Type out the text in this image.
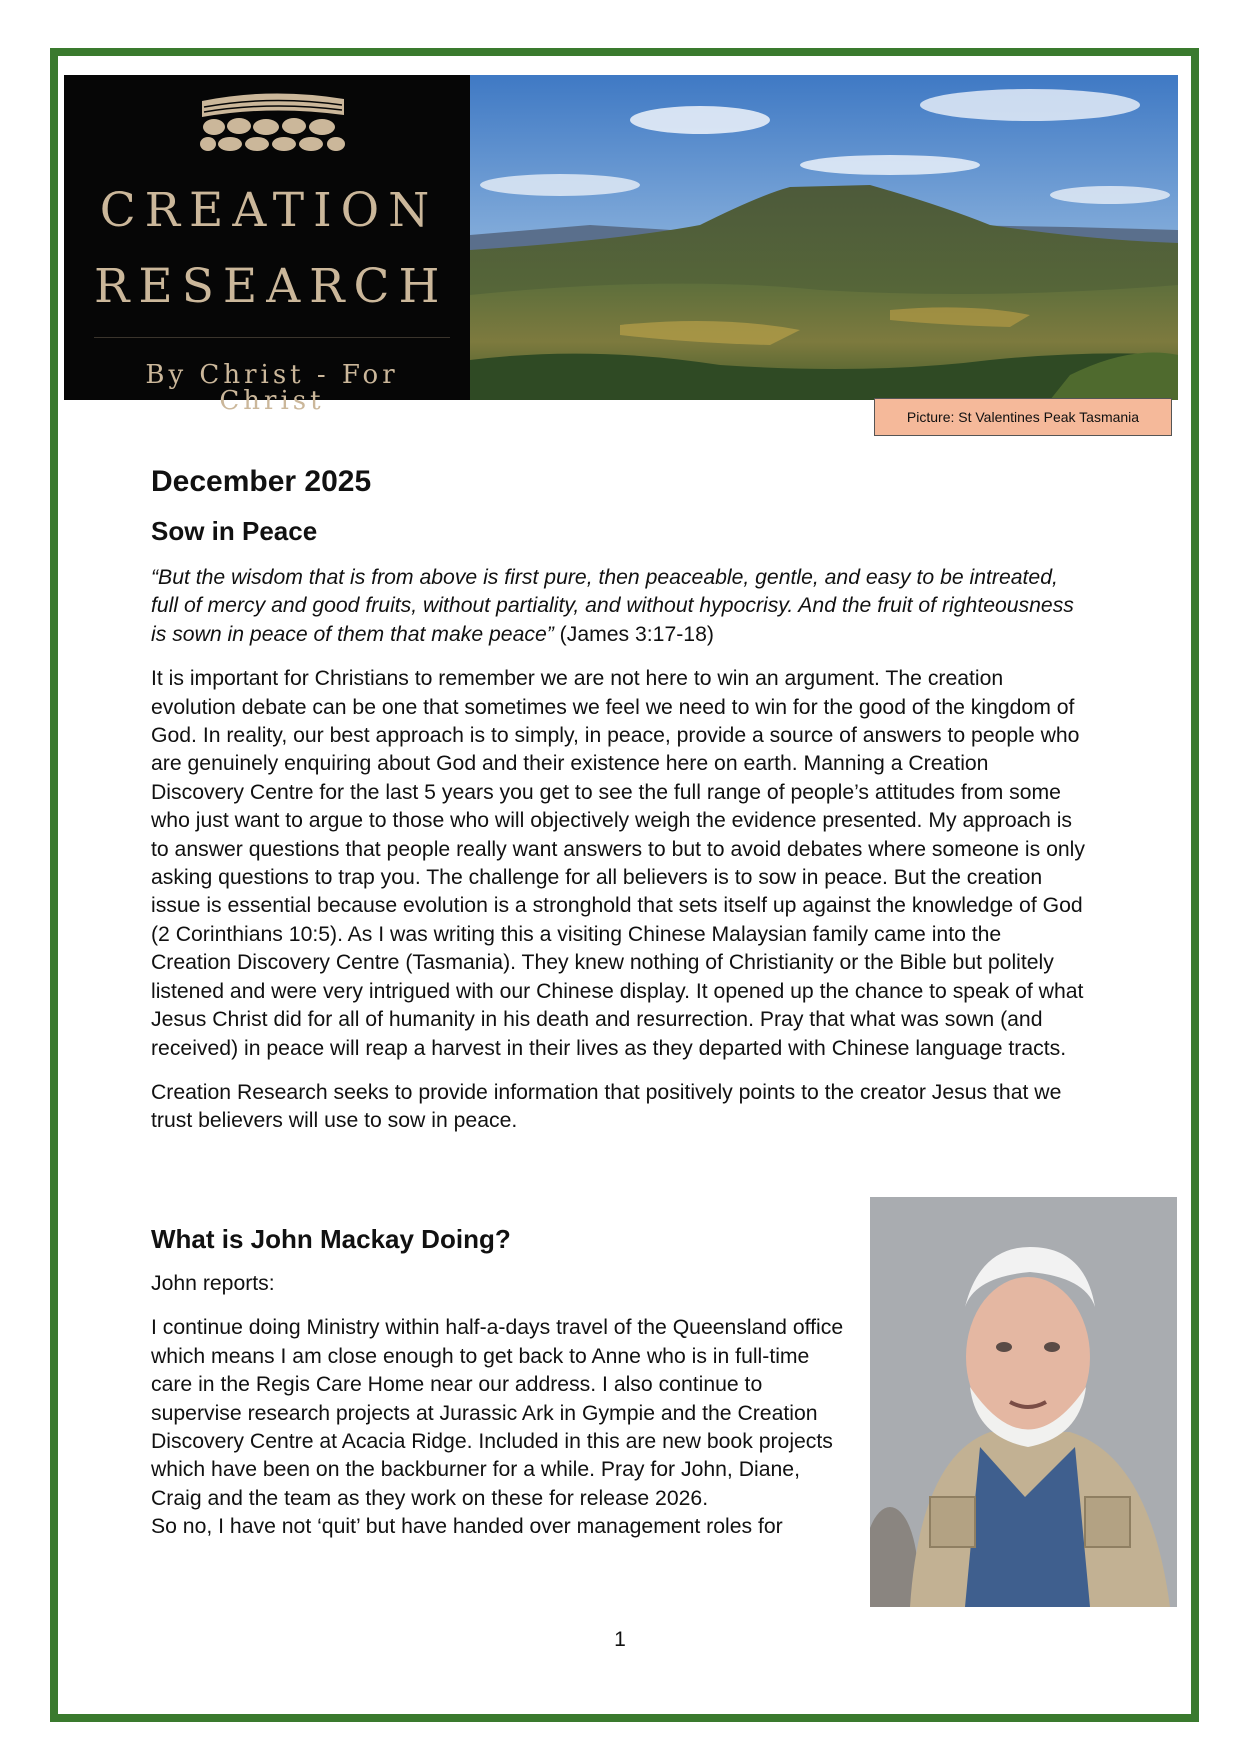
CREATION
RESEARCH
By Christ - For Christ
Picture: St Valentines Peak Tasmania
December 2025
Sow in Peace

“But the wisdom that is from above is first pure, then peaceable, gentle, and easy to be intreated, full of mercy and good fruits, without partiality, and without hypocrisy. And the fruit of righteousness is sown in peace of them that make peace” (James 3:17-18)

It is important for Christians to remember we are not here to win an argument. The creation evolution debate can be one that sometimes we feel we need to win for the good of the kingdom of God. In reality, our best approach is to simply, in peace, provide a source of answers to people who are genuinely enquiring about God and their existence here on earth. Manning a Creation Discovery Centre for the last 5 years you get to see the full range of people’s attitudes from some who just want to argue to those who will objectively weigh the evidence presented. My approach is to answer questions that people really want answers to but to avoid debates where someone is only asking questions to trap you. The challenge for all believers is to sow in peace. But the creation issue is essential because evolution is a stronghold that sets itself up against the knowledge of God (2 Corinthians 10:5). As I was writing this a visiting Chinese Malaysian family came into the Creation Discovery Centre (Tasmania). They knew nothing of Christianity or the Bible but politely listened and were very intrigued with our Chinese display. It opened up the chance to speak of what Jesus Christ did for all of humanity in his death and resurrection. Pray that what was sown (and received) in peace will reap a harvest in their lives as they departed with Chinese language tracts.

Creation Research seeks to provide information that positively points to the creator Jesus that we trust believers will use to sow in peace.

What is John Mackay Doing?

John reports:

I continue doing Ministry within half-a-days travel of the Queensland office which means I am close enough to get back to Anne who is in full-time care in the Regis Care Home near our address. I also continue to supervise research projects at Jurassic Ark in Gympie and the Creation Discovery Centre at Acacia Ridge. Included in this are new book projects which have been on the backburner for a while. Pray for John, Diane, Craig and the team as they work on these for release 2026.

So no, I have not ‘quit’ but have handed over management roles for

1
